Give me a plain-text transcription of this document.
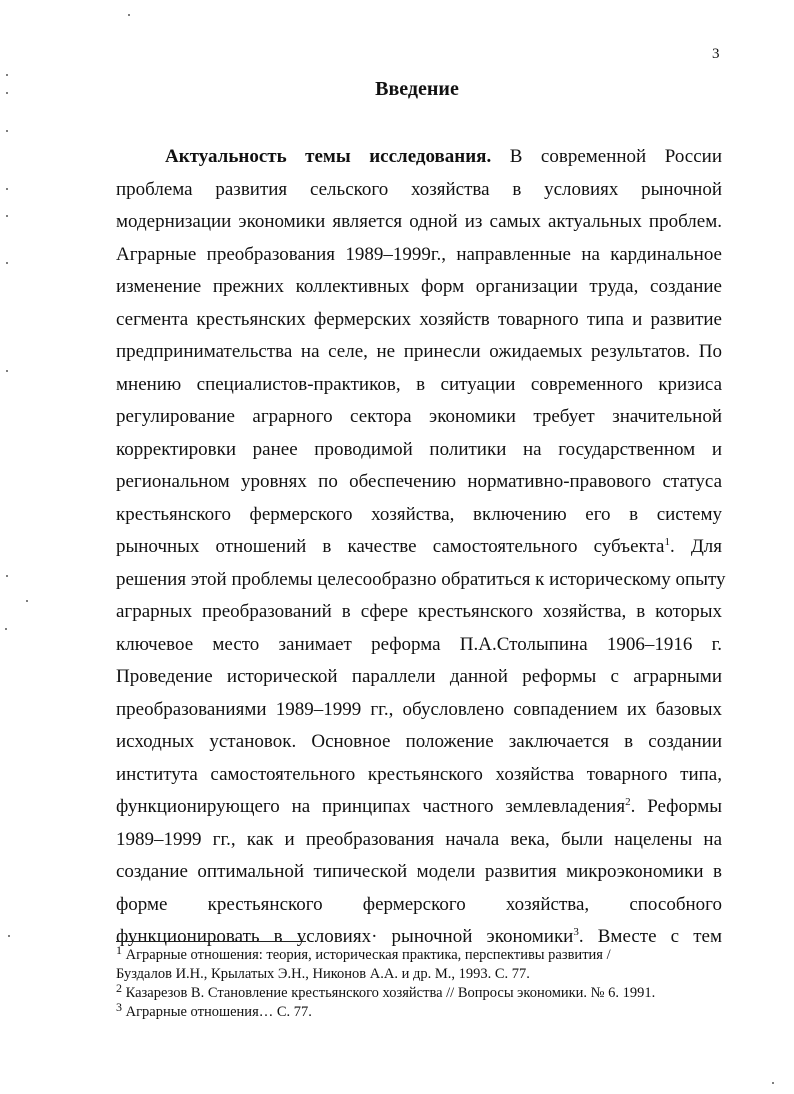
3
Введение
Актуальность темы исследования. В современной России
проблема развития сельского хозяйства в условиях рыночной
модернизации экономики является одной из самых актуальных проблем.
Аграрные преобразования 1989–1999г., направленные на кардинальное
изменение прежних коллективных форм организации труда, создание
сегмента крестьянских фермерских хозяйств товарного типа и развитие
предпринимательства на селе, не принесли ожидаемых результатов. По
мнению специалистов-практиков, в ситуации современного кризиса
регулирование аграрного сектора экономики требует значительной
корректировки ранее проводимой политики на государственном и
региональном уровнях по обеспечению нормативно-правового статуса
крестьянского фермерского хозяйства, включению его в систему
рыночных отношений в качестве самостоятельного субъекта$^1$. Для
решения этой проблемы целесообразно обратиться к историческому опыту
аграрных преобразований в сфере крестьянского хозяйства, в которых
ключевое место занимает реформа П.А.Столыпина 1906–1916 г.
Проведение исторической параллели данной реформы с аграрными
преобразованиями 1989–1999 гг., обусловлено совпадением их базовых
исходных установок. Основное положение заключается в создании
института самостоятельного крестьянского хозяйства товарного типа,
функционирующего на принципах частного землевладения$^2$. Реформы
1989–1999 гг., как и преобразования начала века, были нацелены на
создание оптимальной типической модели развития микроэкономики в
форме крестьянского фермерского хозяйства, способного
функционировать в условиях· рыночной экономики$^3$. Вместе с тем
$^1$ Аграрные отношения: теория, историческая практика, перспективы развития /
Буздалов И.Н., Крылатых Э.Н., Никонов А.А. и др. М., 1993. С. 77.
$^2$ Казарезов В. Становление крестьянского хозяйства // Вопросы экономики. № 6. 1991.
$^3$ Аграрные отношения… С. 77.
